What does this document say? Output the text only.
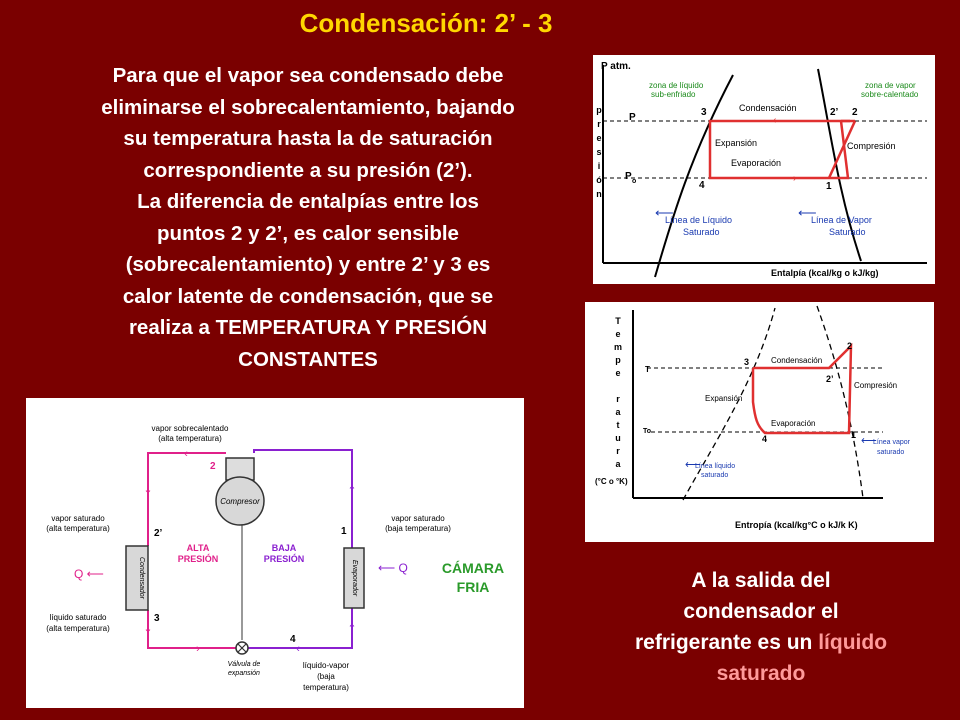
Condensación: 2’ - 3
Para que el vapor sea condensado debe
eliminarse el sobrecalentamiento, bajando
su temperatura hasta la de saturación
correspondiente a su presión (2’).
La diferencia de entalpías entre los
puntos 2 y 2’, es calor sensible
(sobrecalentamiento) y entre 2’ y 3 es
calor latente de condensación, que se
realiza a TEMPERATURA Y PRESIÓN
CONSTANTES
A la salida del
condensador el
refrigerante es un líquido
saturado
P atm.
p
r
e
s
i
ó
n
Entalpía (kcal/kg o kJ/kg)
P
P o
‹
›
3	2’ 2
4	1
Condensación
Expansión
Evaporación
Compresión
zona de líquido
sub-enfriado
zona de vapor
sobre-calentado
⟵
Línea de Líquido
Saturado
⟵
Línea de Vapor
Saturado
T
e
m
p
e
r
a
t
u
r
a
(°C o °K)
Entropía (kcal/kg°C o kJ/k K)
T
To
3
2
2’
4	1
Condensación
Expansión
Evaporación
Compresión
⟵
Línea líquido
saturado
⟵
Línea vapor
saturado
‹
⌄
⌄
›
⌃
⌃
‹
Compresor
Condensador	Evaporador
Válvula de
expansión
vapor sobrecalentado
(alta temperatura)
vapor saturado
(alta temperatura)
líquido saturado
(alta temperatura)
vapor saturado
(baja temperatura)
líquido-vapor
(baja
temperatura)
ALTA
PRESIÓN
BAJA
PRESIÓN
2
2’
3
1
4
Q ⟵	⟵ Q CÁMARA
FRIA
